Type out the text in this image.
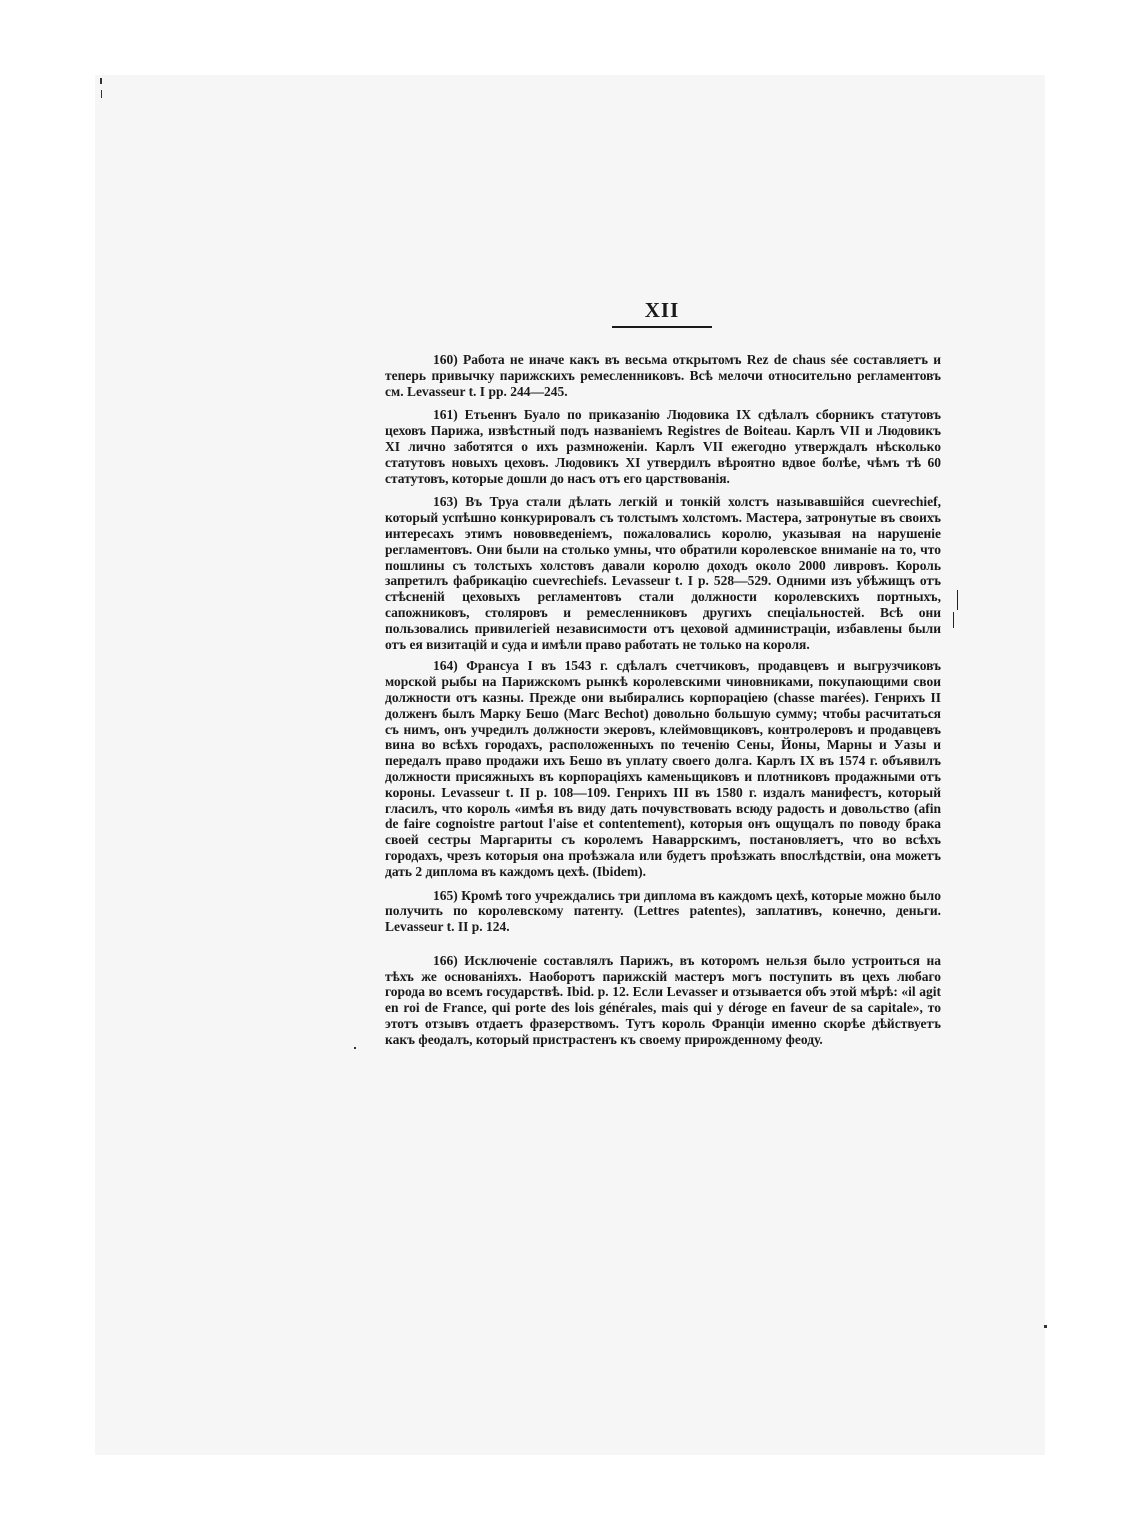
XII

160) Работа не иначе какъ въ весьма открытомъ Rez de chaus sée составляетъ и теперь привычку парижскихъ ремесленниковъ. Всѣ мелочи относительно регламентовъ см. Levasseur t. I pp. 244—245.

161) Етьеннъ Буало по приказанію Людовика IX сдѣлалъ сборникъ статутовъ цеховъ Парижа, извѣстный подъ названіемъ Registres de Boiteau. Карлъ VII и Людовикъ XI лично заботятся о ихъ размноженіи. Карлъ VII ежегодно утверждалъ нѣсколько статутовъ новыхъ цеховъ. Людовикъ XI утвердилъ вѣроятно вдвое болѣе, чѣмъ тѣ 60 статутовъ, которые дошли до насъ отъ его царствованія.

163) Въ Труа стали дѣлать легкій и тонкій холстъ называвшійся cuevrechief, который успѣшно конкурировалъ съ толстымъ холстомъ. Мастера, затронутые въ своихъ интересахъ этимъ нововведеніемъ, пожаловались королю, указывая на нарушеніе регламентовъ. Они были на столько умны, что обратили королевское вниманіе на то, что пошлины съ толстыхъ холстовъ давали королю доходъ около 2000 ливровъ. Король запретилъ фабрикацію cuevrechiefs. Levasseur t. I p. 528—529. Одними изъ убѣжищъ отъ стѣсненій цеховыхъ регламентовъ стали должности королевскихъ портныхъ, сапожниковъ, столяровъ и ремесленниковъ другихъ спеціальностей. Всѣ они пользовались привилегіей независимости отъ цеховой администраціи, избавлены были отъ ея визитацій и суда и имѣли право работать не только на короля.

164) Франсуа I въ 1543 г. сдѣлалъ счетчиковъ, продавцевъ и выгрузчиковъ морской рыбы на Парижскомъ рынкѣ королевскими чиновниками, покупающими свои должности отъ казны. Прежде они выбирались корпораціею (chasse marées). Генрихъ II долженъ былъ Марку Бешо (Marc Bechot) довольно большую сумму; чтобы расчитаться съ нимъ, онъ учредилъ должности экеровъ, клеймовщиковъ, контролеровъ и продавцевъ вина во всѣхъ городахъ, расположенныхъ по теченію Сены, Йоны, Марны и Уазы и передалъ право продажи ихъ Бешо въ уплату своего долга. Карлъ IX въ 1574 г. объявилъ должности присяжныхъ въ корпораціяхъ каменьщиковъ и плотниковъ продажными отъ короны. Levasseur t. II p. 108—109. Генрихъ III въ 1580 г. издалъ манифестъ, который гласилъ, что король «имѣя въ виду дать почувствовать всюду радость и довольство (afin de faire cognoistre partout l'aise et contentement), которыя онъ ощущалъ по поводу брака своей сестры Маргариты съ королемъ Наваррскимъ, постановляетъ, что во всѣхъ городахъ, чрезъ которыя она проѣзжала или будетъ проѣзжать впослѣдствіи, она можетъ дать 2 диплома въ каждомъ цехѣ. (Ibidem).

165) Кромѣ того учреждались три диплома въ каждомъ цехѣ, которые можно было получить по королевскому патенту. (Lettres patentes), заплативъ, конечно, деньги. Levasseur t. II p. 124.

166) Исключеніе составлялъ Парижъ, въ которомъ нельзя было устроиться на тѣхъ же основаніяхъ. Наоборотъ парижскій мастеръ могъ поступить въ цехъ любаго города во всемъ государствѣ. Ibid. p. 12. Если Levasser и отзывается объ этой мѣрѣ: «il agit en roi de France, qui porte des lois générales, mais qui y déroge en faveur de sa capitale», то этотъ отзывъ отдаетъ фразерствомъ. Тутъ король Франціи именно скорѣе дѣйствуетъ какъ феодалъ, который пристрастенъ къ своему прирожденному феоду.
